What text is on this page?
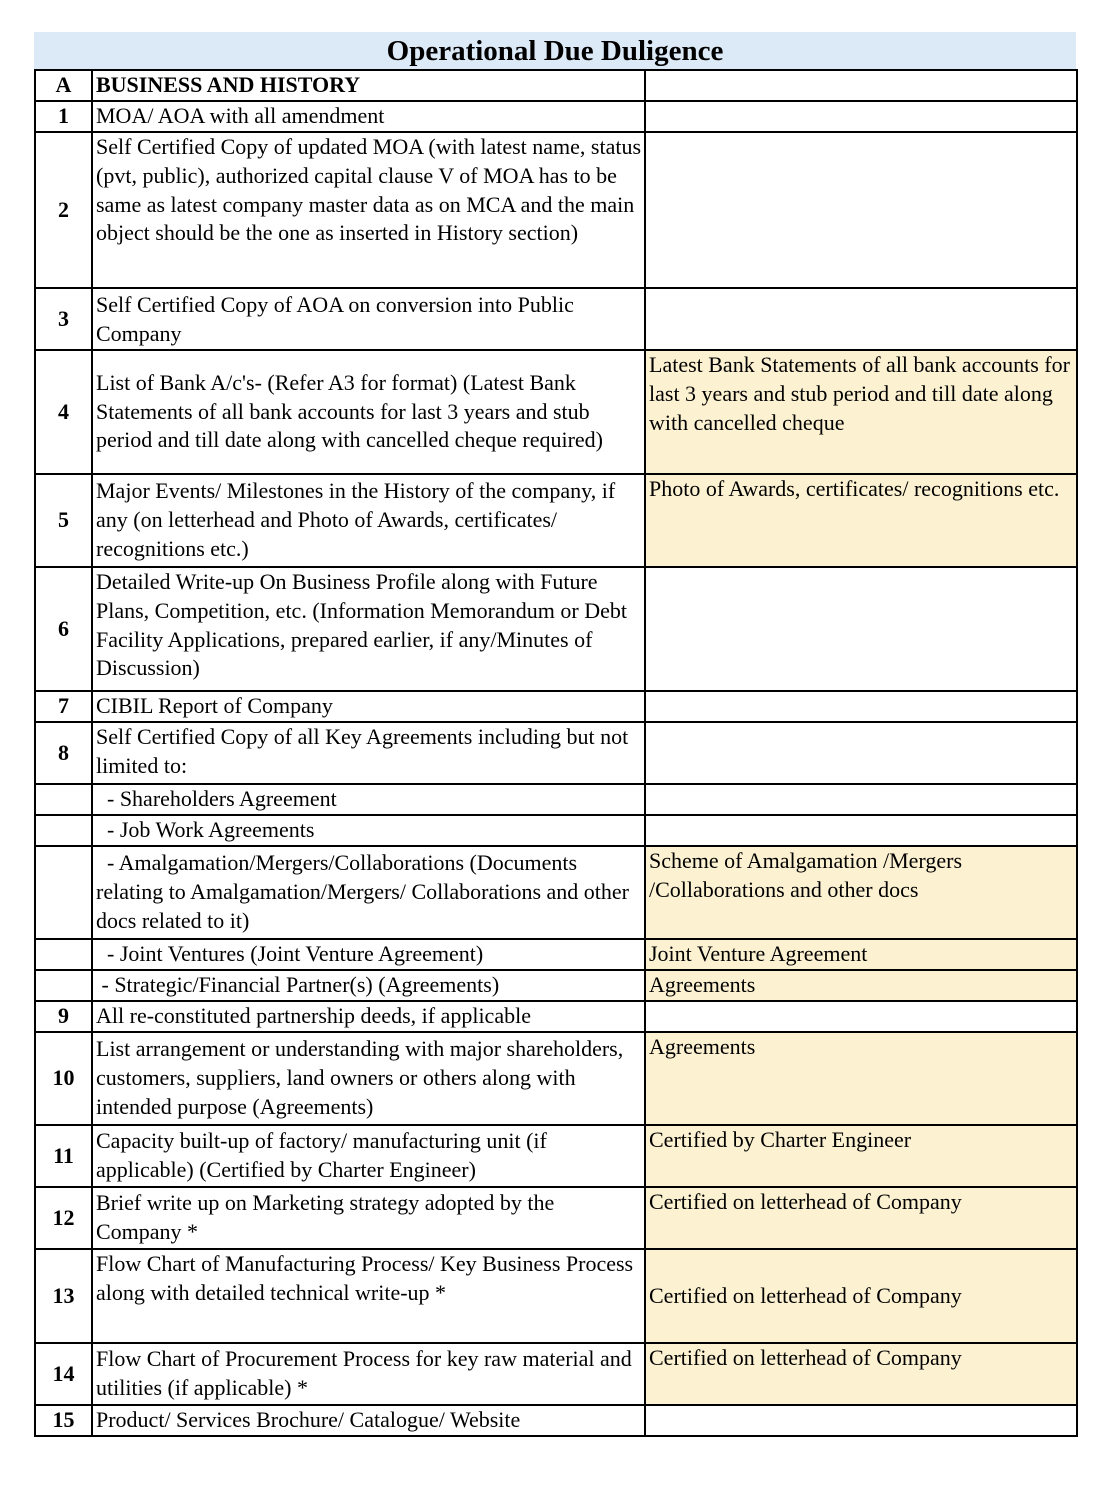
Operational Due Duligence
A	BUSINESS AND HISTORY	
1	MOA/ AOA with all amendment	
2	Self Certified Copy of updated MOA (with latest name, status (pvt, public), authorized capital clause V of MOA has to be same as latest company master data as on MCA and the main object should be the one as inserted in History section)	
3	Self Certified Copy of AOA on conversion into Public Company	
4	List of Bank A/c's- (Refer A3 for format) (Latest Bank Statements of all bank accounts for last 3 years and stub period and till date along with cancelled cheque required)	Latest Bank Statements of all bank accounts for last 3 years and stub period and till date along with cancelled cheque
5	Major Events/ Milestones in the History of the company, if any (on letterhead and Photo of Awards, certificates/ recognitions etc.)	Photo of Awards, certificates/ recognitions etc.
6	Detailed Write-up On Business Profile along with Future Plans, Competition, etc. (Information Memorandum or Debt Facility Applications, prepared earlier, if any/Minutes of Discussion)	
7	CIBIL Report of Company	
8	Self Certified Copy of all Key Agreements including but not limited to:	
	- Shareholders Agreement	
	- Job Work Agreements	
	- Amalgamation/Mergers/Collaborations (Documents relating to Amalgamation/Mergers/ Collaborations and other docs related to it)	Scheme of Amalgamation /Mergers /Collaborations and other docs
	- Joint Ventures (Joint Venture Agreement)	Joint Venture Agreement
	- Strategic/Financial Partner(s) (Agreements)	Agreements
9	All re-constituted partnership deeds, if applicable	
10	List arrangement or understanding with major shareholders, customers, suppliers, land owners or others along with intended purpose (Agreements)	Agreements
11	Capacity built-up of factory/ manufacturing unit (if applicable) (Certified by Charter Engineer)	Certified by Charter Engineer
12	Brief write up on Marketing strategy adopted by the Company *	Certified on letterhead of Company
13	Flow Chart of Manufacturing Process/ Key Business Process along with detailed technical write-up *	Certified on letterhead of Company
14	Flow Chart of Procurement Process for key raw material and utilities (if applicable) *	Certified on letterhead of Company
15	Product/ Services Brochure/ Catalogue/ Website	
